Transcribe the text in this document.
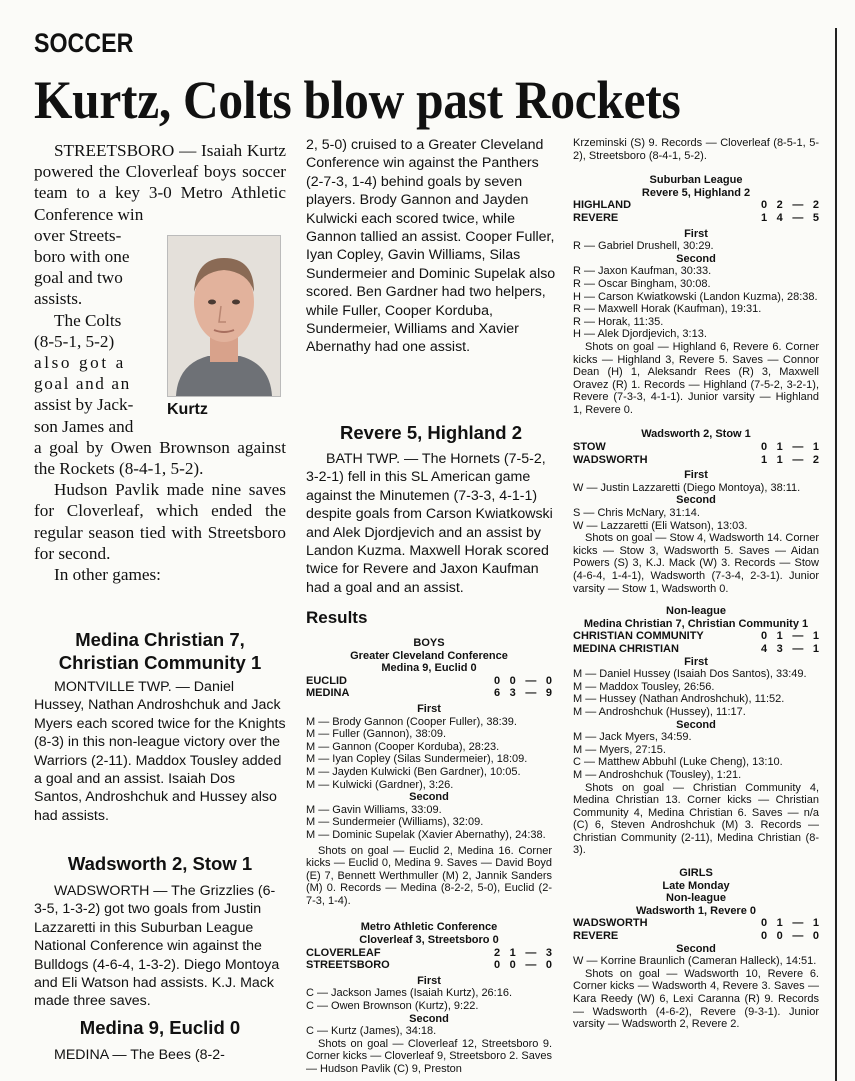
SOCCER
Kurtz, Colts blow past Rockets

STREETSBORO — Isaiah Kurtz powered the Cloverleaf boys soccer team to a key 3-0 Metro Athletic Conference win

over Streets-
boro with one
goal and two
assists.
The Colts
(8-5-1, 5-2)
also got a
goal and an
assist by Jack-
son James and

a goal by Owen Brownson against the Rockets (8-4-1, 5-2).

Hudson Pavlik made nine saves for Cloverleaf, which ended the regular season tied with Streetsboro for second.

In other games:

Kurtz
Medina Christian 7, Christian Community 1

MONTVILLE TWP. — Daniel Hussey, Nathan Androshchuk and Jack Myers each scored twice for the Knights (8-3) in this non-league victory over the Warriors (2-11). Maddox Tousley added a goal and an assist. Isaiah Dos Santos, Androshchuk and Hussey also had assists.

Wadsworth 2, Stow 1

WADSWORTH — The Grizzlies (6-3-5, 1-3-2) got two goals from Justin Lazzaretti in this Suburban League National Conference win against the Bulldogs (4-6-4, 1-3-2). Diego Montoya and Eli Watson had assists. K.J. Mack made three saves.

Medina 9, Euclid 0

MEDINA — The Bees (8-2-

2, 5-0) cruised to a Greater Cleveland Conference win against the Panthers (2-7-3, 1-4) behind goals by seven players. Brody Gannon and Jayden Kulwicki each scored twice, while Gannon tallied an assist. Cooper Fuller, Iyan Copley, Gavin Williams, Silas Sundermeier and Dominic Supelak also scored. Ben Gardner had two helpers, while Fuller, Cooper Korduba, Sundermeier, Williams and Xavier Abernathy had one assist.

Revere 5, Highland 2

BATH TWP. — The Hornets (7-5-2, 3-2-1) fell in this SL American game against the Minutemen (7-3-3, 4-1-1) despite goals from Carson Kwiatkowski and Alek Djordjevich and an assist by Landon Kuzma. Maxwell Horak scored twice for Revere and Jaxon Kaufman had a goal and an assist.

Results
BOYS
Greater Cleveland Conference
Medina 9, Euclid 0
EUCLID	0 0 — 0
MEDINA	6 3 — 9
First
M — Brody Gannon (Cooper Fuller), 38:39.
M — Fuller (Gannon), 38:09.
M — Gannon (Cooper Korduba), 28:23.
M — Iyan Copley (Silas Sundermeier), 18:09.
M — Jayden Kulwicki (Ben Gardner), 10:05.
M — Kulwicki (Gardner), 3:26.
Second
M — Gavin Williams, 33:09.
M — Sundermeier (Williams), 32:09.
M — Dominic Supelak (Xavier Abernathy), 24:38.
Shots on goal — Euclid 2, Medina 16. Corner kicks — Euclid 0, Medina 9. Saves — David Boyd (E) 7, Bennett Werthmuller (M) 2, Jannik Sanders (M) 0. Records — Medina (8-2-2, 5-0), Euclid (2-7-3, 1-4).
Metro Athletic Conference
Cloverleaf 3, Streetsboro 0
CLOVERLEAF	2 1 — 3
STREETSBORO	0 0 — 0
First
C — Jackson James (Isaiah Kurtz), 26:16.
C — Owen Brownson (Kurtz), 9:22.
Second
C — Kurtz (James), 34:18.
Shots on goal — Cloverleaf 12, Streetsboro 9. Corner kicks — Cloverleaf 9, Streetsboro 2. Saves — Hudson Pavlik (C) 9, Preston
Krzeminski (S) 9. Records — Cloverleaf (8-5-1, 5-2), Streetsboro (8-4-1, 5-2).
Suburban League
Revere 5, Highland 2
HIGHLAND	0 2 — 2
REVERE	1 4 — 5
First
R — Gabriel Drushell, 30:29.
Second
R — Jaxon Kaufman, 30:33.
R — Oscar Bingham, 30:08.
H — Carson Kwiatkowski (Landon Kuzma), 28:38.
R — Maxwell Horak (Kaufman), 19:31.
R — Horak, 11:35.
H — Alek Djordjevich, 3:13.
Shots on goal — Highland 6, Revere 6. Corner kicks — Highland 3, Revere 5. Saves — Connor Dean (H) 1, Aleksandr Rees (R) 3, Maxwell Oravez (R) 1. Records — Highland (7-5-2, 3-2-1), Revere (7-3-3, 4-1-1). Junior varsity — Highland 1, Revere 0.
Wadsworth 2, Stow 1
STOW	0 1 — 1
WADSWORTH	1 1 — 2
First
W — Justin Lazzaretti (Diego Montoya), 38:11.
Second
S — Chris McNary, 31:14.
W — Lazzaretti (Eli Watson), 13:03.
Shots on goal — Stow 4, Wadsworth 14. Corner kicks — Stow 3, Wadsworth 5. Saves — Aidan Powers (S) 3, K.J. Mack (W) 3. Records — Stow (4-6-4, 1-4-1), Wadsworth (7-3-4, 2-3-1). Junior varsity — Stow 1, Wadsworth 0.
Non-league
Medina Christian 7, Christian Community 1
CHRISTIAN COMMUNITY	0 1 — 1
MEDINA CHRISTIAN	4 3 — 1
First
M — Daniel Hussey (Isaiah Dos Santos), 33:49.
M — Maddox Tousley, 26:56.
M — Hussey (Nathan Androshchuk), 11:52.
M — Androshchuk (Hussey), 11:17.
Second
M — Jack Myers, 34:59.
M — Myers, 27:15.
C — Matthew Abbuhl (Luke Cheng), 13:10.
M — Androshchuk (Tousley), 1:21.
Shots on goal — Christian Community 4, Medina Christian 13. Corner kicks — Christian Community 4, Medina Christian 6. Saves — n/a (C) 6, Steven Androshchuk (M) 3. Records — Christian Community (2-11), Medina Christian (8-3).
GIRLS
Late Monday
Non-league
Wadsworth 1, Revere 0
WADSWORTH	0 1 — 1
REVERE	0 0 — 0
Second
W — Korrine Braunlich (Cameran Halleck), 14:51.
Shots on goal — Wadsworth 10, Revere 6. Corner kicks — Wadsworth 4, Revere 3. Saves — Kara Reedy (W) 6, Lexi Caranna (R) 9. Records — Wadsworth (4-6-2), Revere (9-3-1). Junior varsity — Wadsworth 2, Revere 2.
